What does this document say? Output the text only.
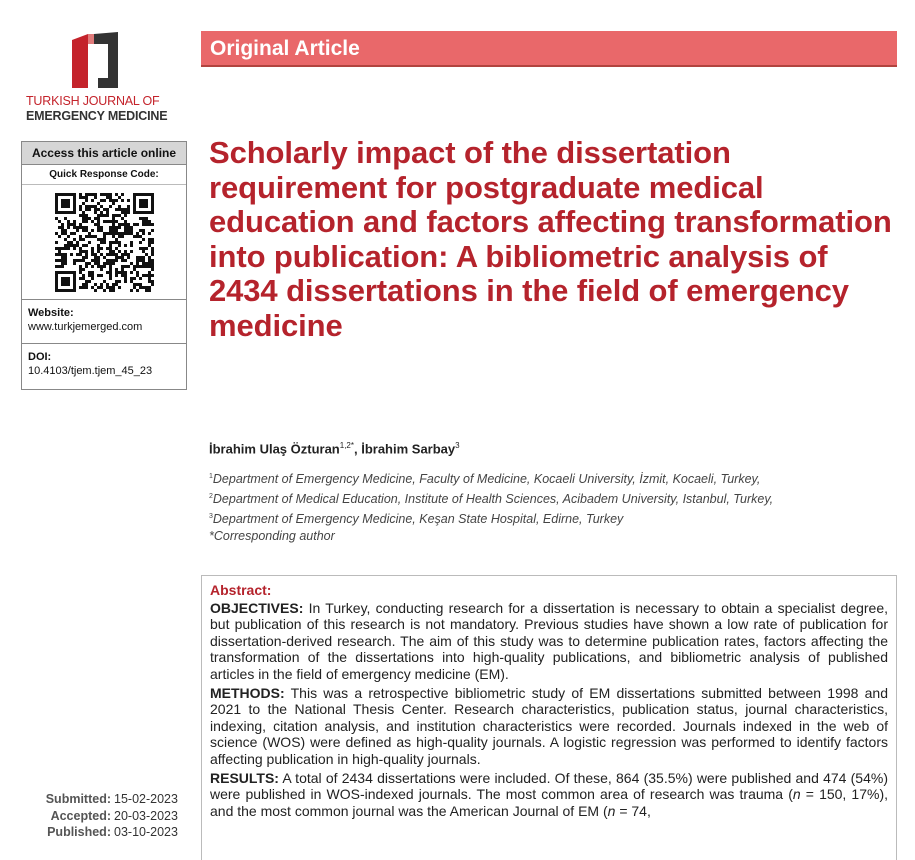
TURKISH JOURNAL OF
EMERGENCY MEDICINE
Original Article
Access this article online
Quick Response Code:
Website:
www.turkjemerged.com
DOI:
10.4103/tjem.tjem_45_23
Scholarly impact of the dissertation requirement for postgraduate medical education and factors affecting transformation into publication: A bibliometric analysis of 2434 dissertations in the field of emergency medicine
İbrahim Ulaş Özturan$^{1,2*}$, İbrahim Sarbay$^3$
$^1$Department of Emergency Medicine, Faculty of Medicine, Kocaeli University, İzmit, Kocaeli, Turkey,
$^2$Department of Medical Education, Institute of Health Sciences, Acibadem University, Istanbul, Turkey,
$^3$Department of Emergency Medicine, Keşan State Hospital, Edirne, Turkey
*Corresponding author
Abstract:

OBJECTIVES: In Turkey, conducting research for a dissertation is necessary to obtain a specialist degree, but publication of this research is not mandatory. Previous studies have shown a low rate of publication for dissertation-derived research. The aim of this study was to determine publication rates, factors affecting the transformation of the dissertations into high-quality publications, and bibliometric analysis of published articles in the field of emergency medicine (EM).

METHODS: This was a retrospective bibliometric study of EM dissertations submitted between 1998 and 2021 to the National Thesis Center. Research characteristics, publication status, journal characteristics, indexing, citation analysis, and institution characteristics were recorded. Journals indexed in the web of science (WOS) were defined as high-quality journals. A logistic regression was performed to identify factors affecting publication in high-quality journals.

RESULTS: A total of 2434 dissertations were included. Of these, 864 (35.5%) were published and 474 (54%) were published in WOS-indexed journals. The most common area of research was trauma (n = 150, 17%), and the most common journal was the American Journal of EM (n = 74,

Submitted: 15-02-2023
Accepted: 20-03-2023
Published: 03-10-2023
